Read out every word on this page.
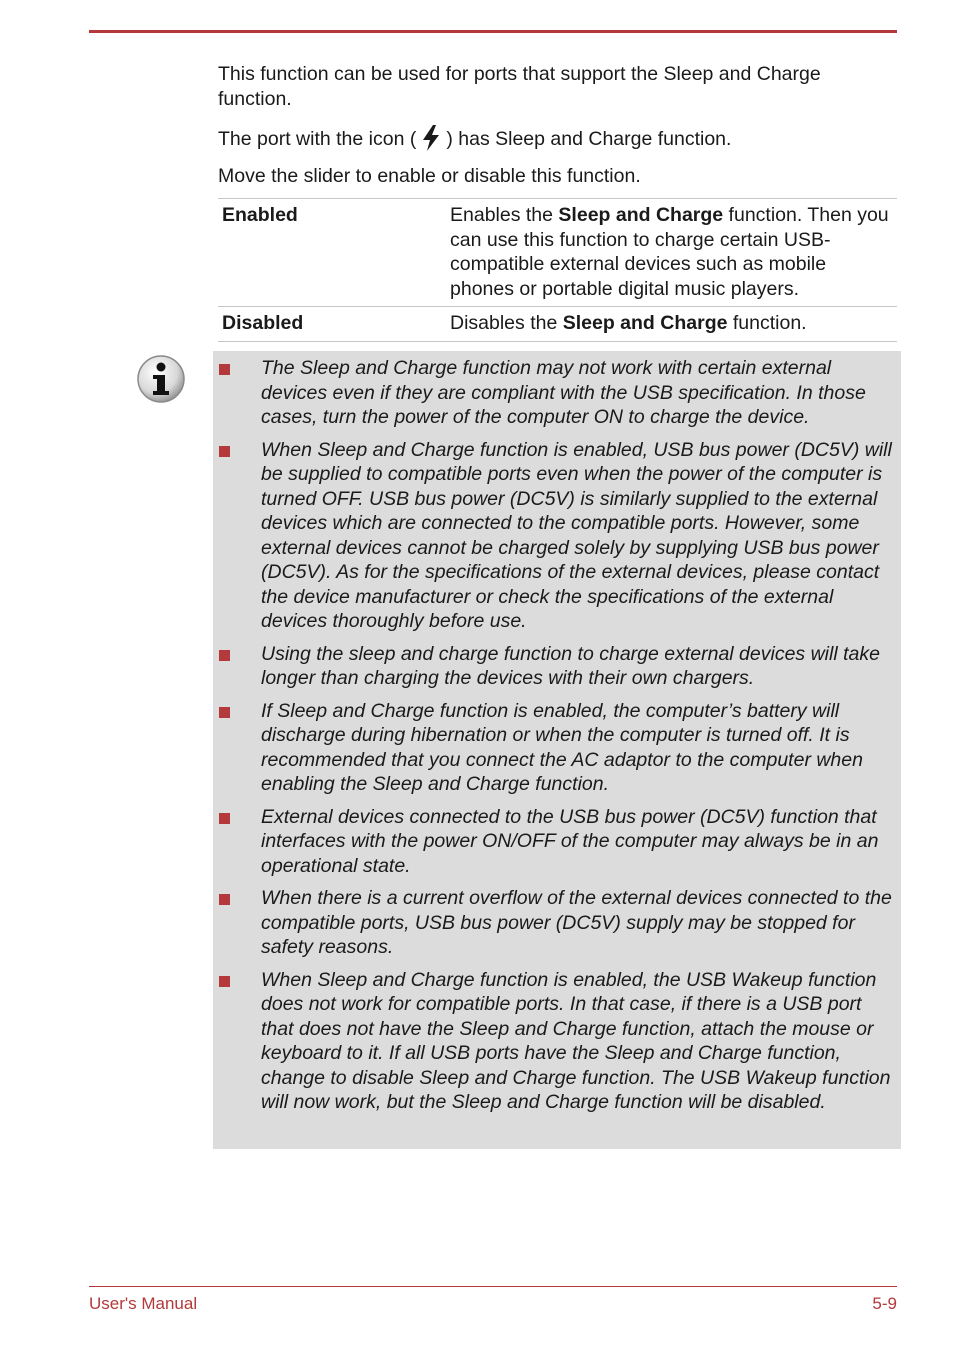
This function can be used for ports that support the Sleep and Charge function.

The port with the icon ( ) has Sleep and Charge function.

Move the slider to enable or disable this function.

Enabled	Enables the Sleep and Charge function. Then you can use this function to charge certain USB-compatible external devices such as mobile phones or portable digital music players.
Disabled	Disables the Sleep and Charge function.
The Sleep and Charge function may not work with certain external devices even if they are compliant with the USB specification. In those cases, turn the power of the computer ON to charge the device.
When Sleep and Charge function is enabled, USB bus power (DC5V) will be supplied to compatible ports even when the power of the computer is turned OFF. USB bus power (DC5V) is similarly supplied to the external devices which are connected to the compatible ports. However, some external devices cannot be charged solely by supplying USB bus power (DC5V). As for the specifications of the external devices, please contact the device manufacturer or check the specifications of the external devices thoroughly before use.
Using the sleep and charge function to charge external devices will take longer than charging the devices with their own chargers.
If Sleep and Charge function is enabled, the computer’s battery will discharge during hibernation or when the computer is turned off. It is recommended that you connect the AC adaptor to the computer when enabling the Sleep and Charge function.
External devices connected to the USB bus power (DC5V) function that interfaces with the power ON/OFF of the computer may always be in an operational state.
When there is a current overflow of the external devices connected to the compatible ports, USB bus power (DC5V) supply may be stopped for safety reasons.
When Sleep and Charge function is enabled, the USB Wakeup function does not work for compatible ports. In that case, if there is a USB port that does not have the Sleep and Charge function, attach the mouse or keyboard to it. If all USB ports have the Sleep and Charge function, change to disable Sleep and Charge function. The USB Wakeup function will now work, but the Sleep and Charge function will be disabled.
User's Manual	5-9
